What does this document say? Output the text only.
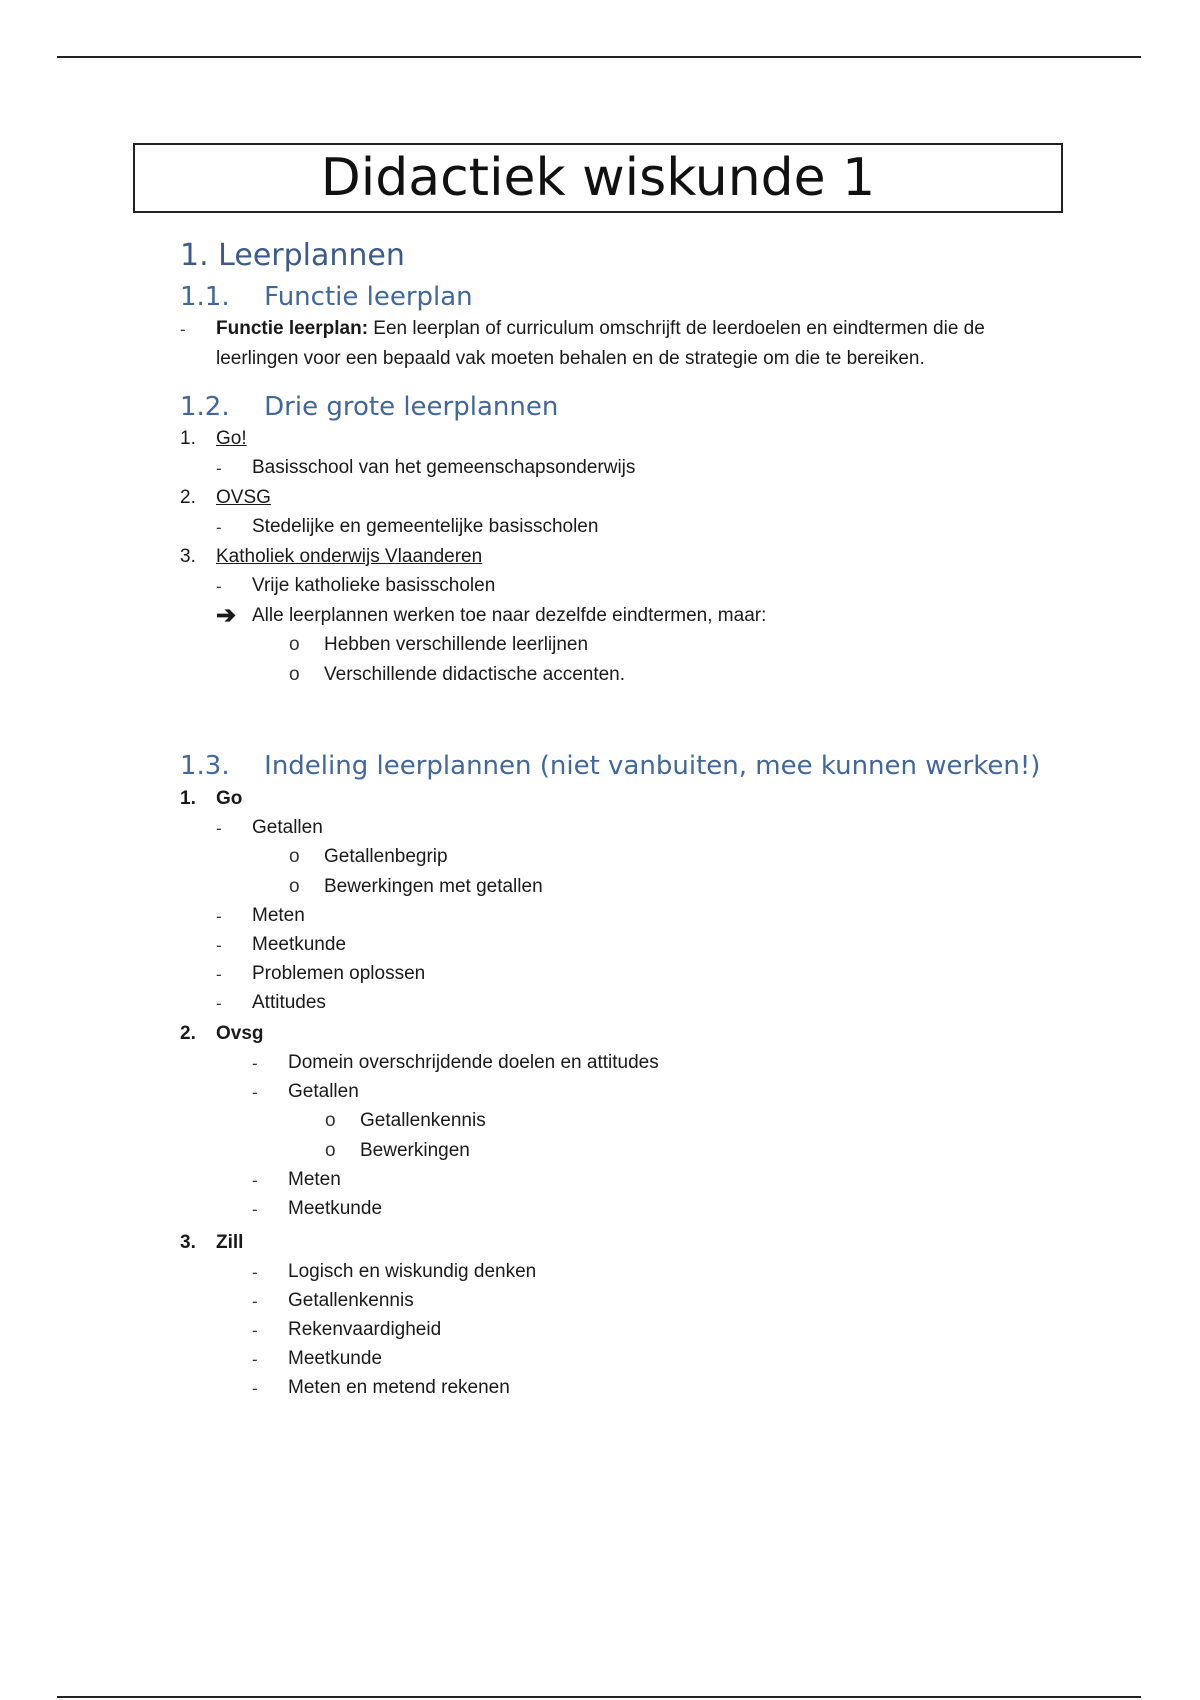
Didactiek wiskunde 1
1. Leerplannen
1.1. Functie leerplan
- Functie leerplan: Een leerplan of curriculum omschrijft de leerdoelen en eindtermen die de
leerlingen voor een bepaald vak moeten behalen en de strategie om die te bereiken.
1.2. Drie grote leerplannen
1. Go!
- Basisschool van het gemeenschapsonderwijs
2. OVSG
- Stedelijke en gemeentelijke basisscholen
3. Katholiek onderwijs Vlaanderen
- Vrije katholieke basisscholen
➔ Alle leerplannen werken toe naar dezelfde eindtermen, maar:
o Hebben verschillende leerlijnen
o Verschillende didactische accenten.
1.3. Indeling leerplannen (niet vanbuiten, mee kunnen werken!)
1. Go
- Getallen
o Getallenbegrip
o Bewerkingen met getallen
- Meten
- Meetkunde
- Problemen oplossen
- Attitudes
2. Ovsg
- Domein overschrijdende doelen en attitudes
- Getallen
o Getallenkennis
o Bewerkingen
- Meten
- Meetkunde
3. Zill
- Logisch en wiskundig denken
- Getallenkennis
- Rekenvaardigheid
- Meetkunde
- Meten en metend rekenen
